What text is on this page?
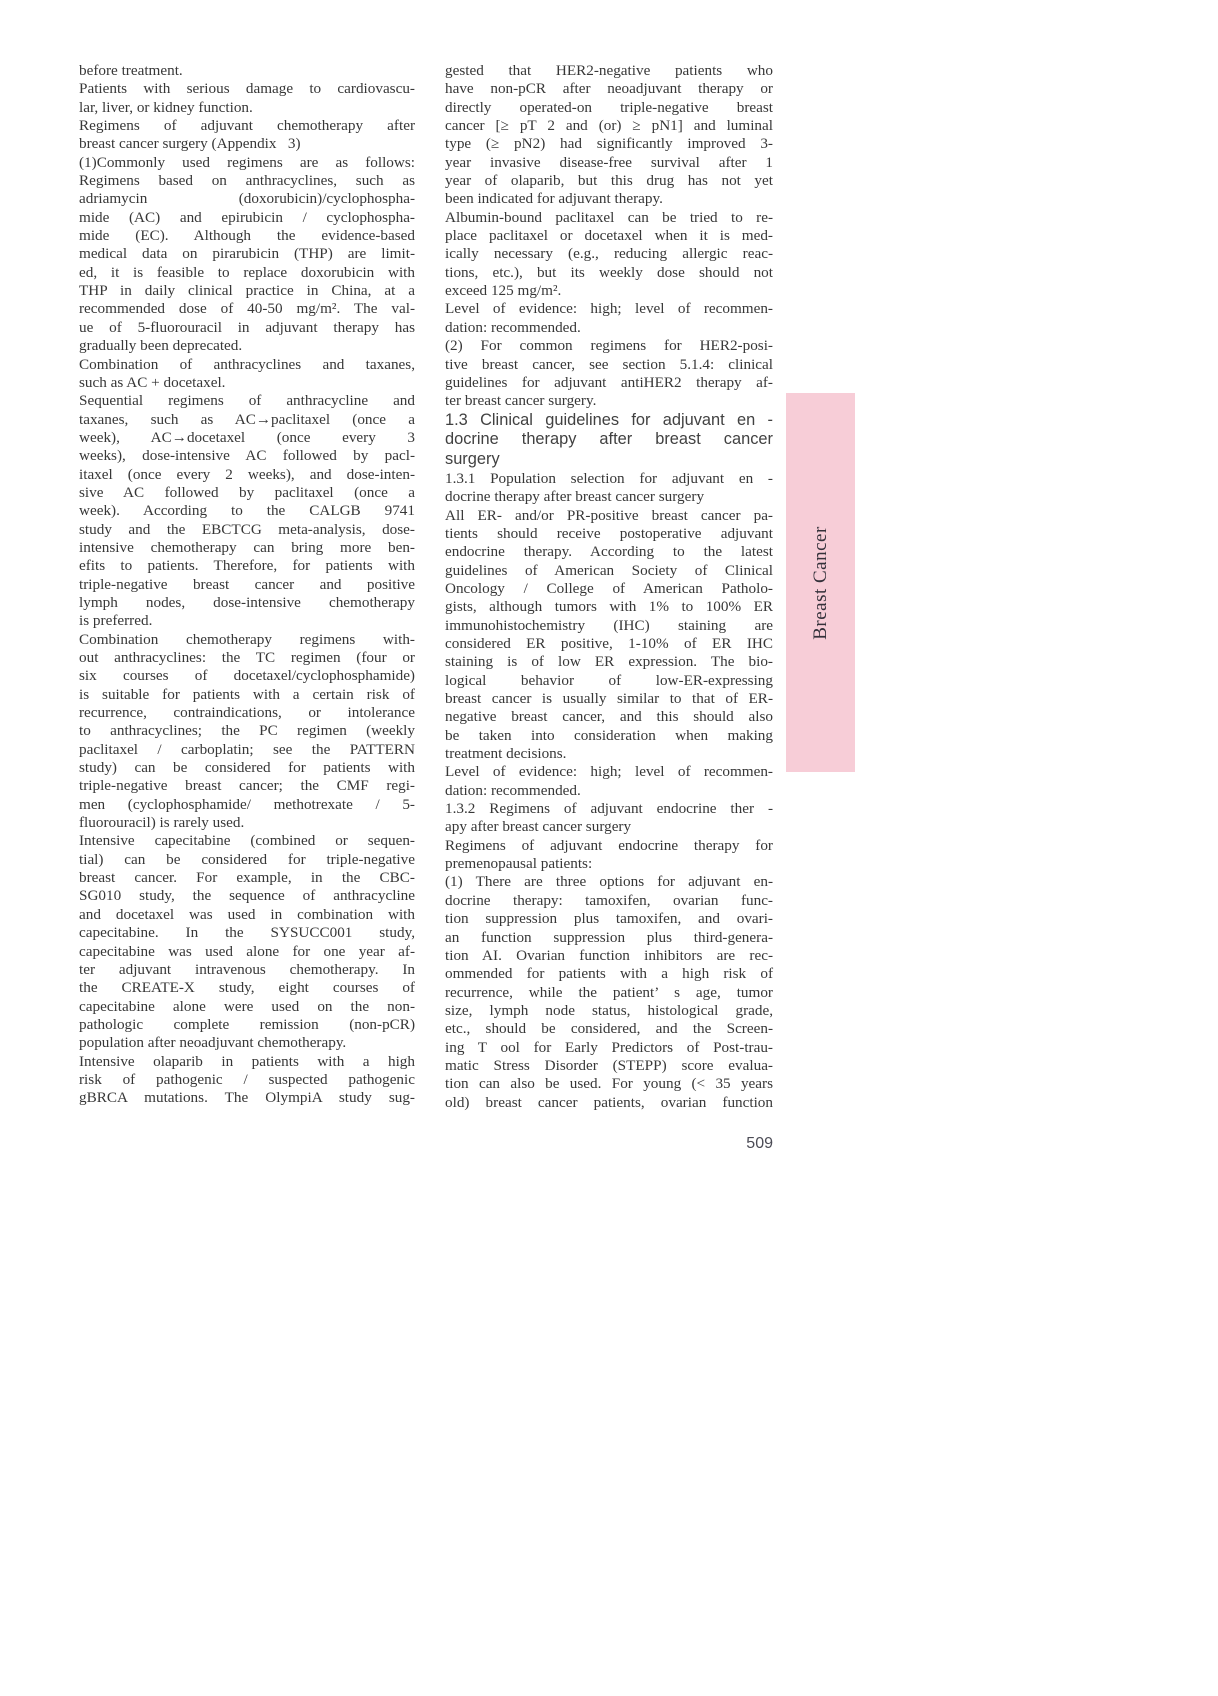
before treatment.
Patients with serious damage to cardiovascu-
lar, liver, or kidney function.
Regimens of adjuvant chemotherapy after
breast cancer surgery (Appendix  3)
(1)Commonly used regimens are as follows:
Regimens based on anthracyclines, such as
adriamycin (doxorubicin)/cyclophospha-
mide (AC) and epirubicin / cyclophospha-
mide (EC). Although the evidence-based
medical data on pirarubicin (THP) are limit-
ed, it is feasible to replace doxorubicin with
THP in daily clinical practice in China, at a
recommended dose of 40-50 mg/m². The val-
ue of 5-fluorouracil in adjuvant therapy has
gradually been deprecated.
Combination of anthracyclines and taxanes,
such as AC + docetaxel.
Sequential regimens of anthracycline and
taxanes, such as AC→paclitaxel (once a
week), AC→docetaxel (once every 3
weeks), dose-intensive AC followed by pacl-
itaxel (once every 2 weeks), and dose-inten-
sive AC followed by paclitaxel (once a
week). According to the CALGB 9741
study and the EBCTCG meta-analysis, dose-
intensive chemotherapy can bring more ben-
efits to patients. Therefore, for patients with
triple-negative breast cancer and positive
lymph nodes, dose-intensive chemotherapy
is preferred.
Combination chemotherapy regimens with-
out anthracyclines: the TC regimen (four or
six courses of docetaxel/cyclophosphamide)
is suitable for patients with a certain risk of
recurrence, contraindications, or intolerance
to anthracyclines; the PC regimen (weekly
paclitaxel / carboplatin; see the PATTERN
study) can be considered for patients with
triple-negative breast cancer; the CMF regi-
men (cyclophosphamide/ methotrexate / 5-
fluorouracil) is rarely used.
Intensive capecitabine (combined or sequen-
tial) can be considered for triple-negative
breast cancer. For example, in the CBC-
SG010 study, the sequence of anthracycline
and docetaxel was used in combination with
capecitabine. In the SYSUCC001 study,
capecitabine was used alone for one year af-
ter adjuvant intravenous chemotherapy. In
the CREATE-X study, eight courses of
capecitabine alone were used on the non-
pathologic complete remission (non-pCR)
population after neoadjuvant chemotherapy.
Intensive olaparib in patients with a high
risk of pathogenic / suspected pathogenic
gBRCA mutations. The OlympiA study sug-
gested that HER2-negative patients who
have non-pCR after neoadjuvant therapy or
directly operated-on triple-negative breast
cancer [≥ pT 2 and (or) ≥ pN1] and luminal
type (≥ pN2) had significantly improved 3-
year invasive disease-free survival after 1
year of olaparib, but this drug has not yet
been indicated for adjuvant therapy.
Albumin-bound paclitaxel can be tried to re-
place paclitaxel or docetaxel when it is med-
ically necessary (e.g., reducing allergic reac-
tions, etc.), but its weekly dose should not
exceed 125 mg/m².
Level of evidence: high; level of recommen-
dation: recommended.
(2) For common regimens for HER2-posi-
tive breast cancer, see section 5.1.4: clinical
guidelines for adjuvant antiHER2 therapy af-
ter breast cancer surgery.
1.3 Clinical guidelines for adjuvant en -
docrine therapy after breast cancer
surgery
1.3.1 Population selection for adjuvant en -
docrine therapy after breast cancer surgery
All ER- and/or PR-positive breast cancer pa-
tients should receive postoperative adjuvant
endocrine therapy. According to the latest
guidelines of American Society of Clinical
Oncology / College of American Patholo-
gists, although tumors with 1% to 100% ER
immunohistochemistry (IHC) staining are
considered ER positive, 1-10% of ER IHC
staining is of low ER expression. The bio-
logical behavior of low-ER-expressing
breast cancer is usually similar to that of ER-
negative breast cancer, and this should also
be taken into consideration when making
treatment decisions.
Level of evidence: high; level of recommen-
dation: recommended.
1.3.2 Regimens of adjuvant endocrine ther -
apy after breast cancer surgery
Regimens of adjuvant endocrine therapy for
premenopausal patients:
(1) There are three options for adjuvant en-
docrine therapy: tamoxifen, ovarian func-
tion suppression plus tamoxifen, and ovari-
an function suppression plus third-genera-
tion AI. Ovarian function inhibitors are rec-
ommended for patients with a high risk of
recurrence, while the patient’ s age, tumor
size, lymph node status, histological grade,
etc., should be considered, and the Screen-
ing T ool for Early Predictors of Post-trau-
matic Stress Disorder (STEPP) score evalua-
tion can also be used. For young (< 35 years
old) breast cancer patients, ovarian function
Breast Cancer
509
